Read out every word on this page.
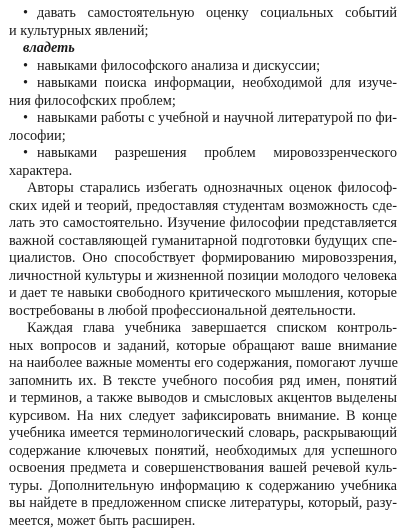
• давать самостоятельную оценку социальных событий
и культурных явлений;
владеть
• навыками философского анализа и дискуссии;
• навыками поиска информации, необходимой для изуче-
ния философских проблем;
• навыками работы с учебной и научной литературой по фи-
лософии;
• навыками разрешения проблем мировоззренческого
характера.
Авторы старались избегать однозначных оценок философ-
ских идей и теорий, предоставляя студентам возможность сде-
лать это самостоятельно. Изучение философии представляется
важной составляющей гуманитарной подготовки будущих спе-
циалистов. Оно способствует формированию мировоззрения,
личностной культуры и жизненной позиции молодого человека
и дает те навыки свободного критического мышления, которые
востребованы в любой профессиональной деятельности.
Каждая глава учебника завершается списком контроль-
ных вопросов и заданий, которые обращают ваше внимание
на наиболее важные моменты его содержания, помогают лучше
запомнить их. В тексте учебного пособия ряд имен, понятий
и терминов, а также выводов и смысловых акцентов выделены
курсивом. На них следует зафиксировать внимание. В конце
учебника имеется терминологический словарь, раскрывающий
содержание ключевых понятий, необходимых для успешного
освоения предмета и совершенствования вашей речевой куль-
туры. Дополнительную информацию к содержанию учебника
вы найдете в предложенном списке литературы, который, разу-
меется, может быть расширен.
